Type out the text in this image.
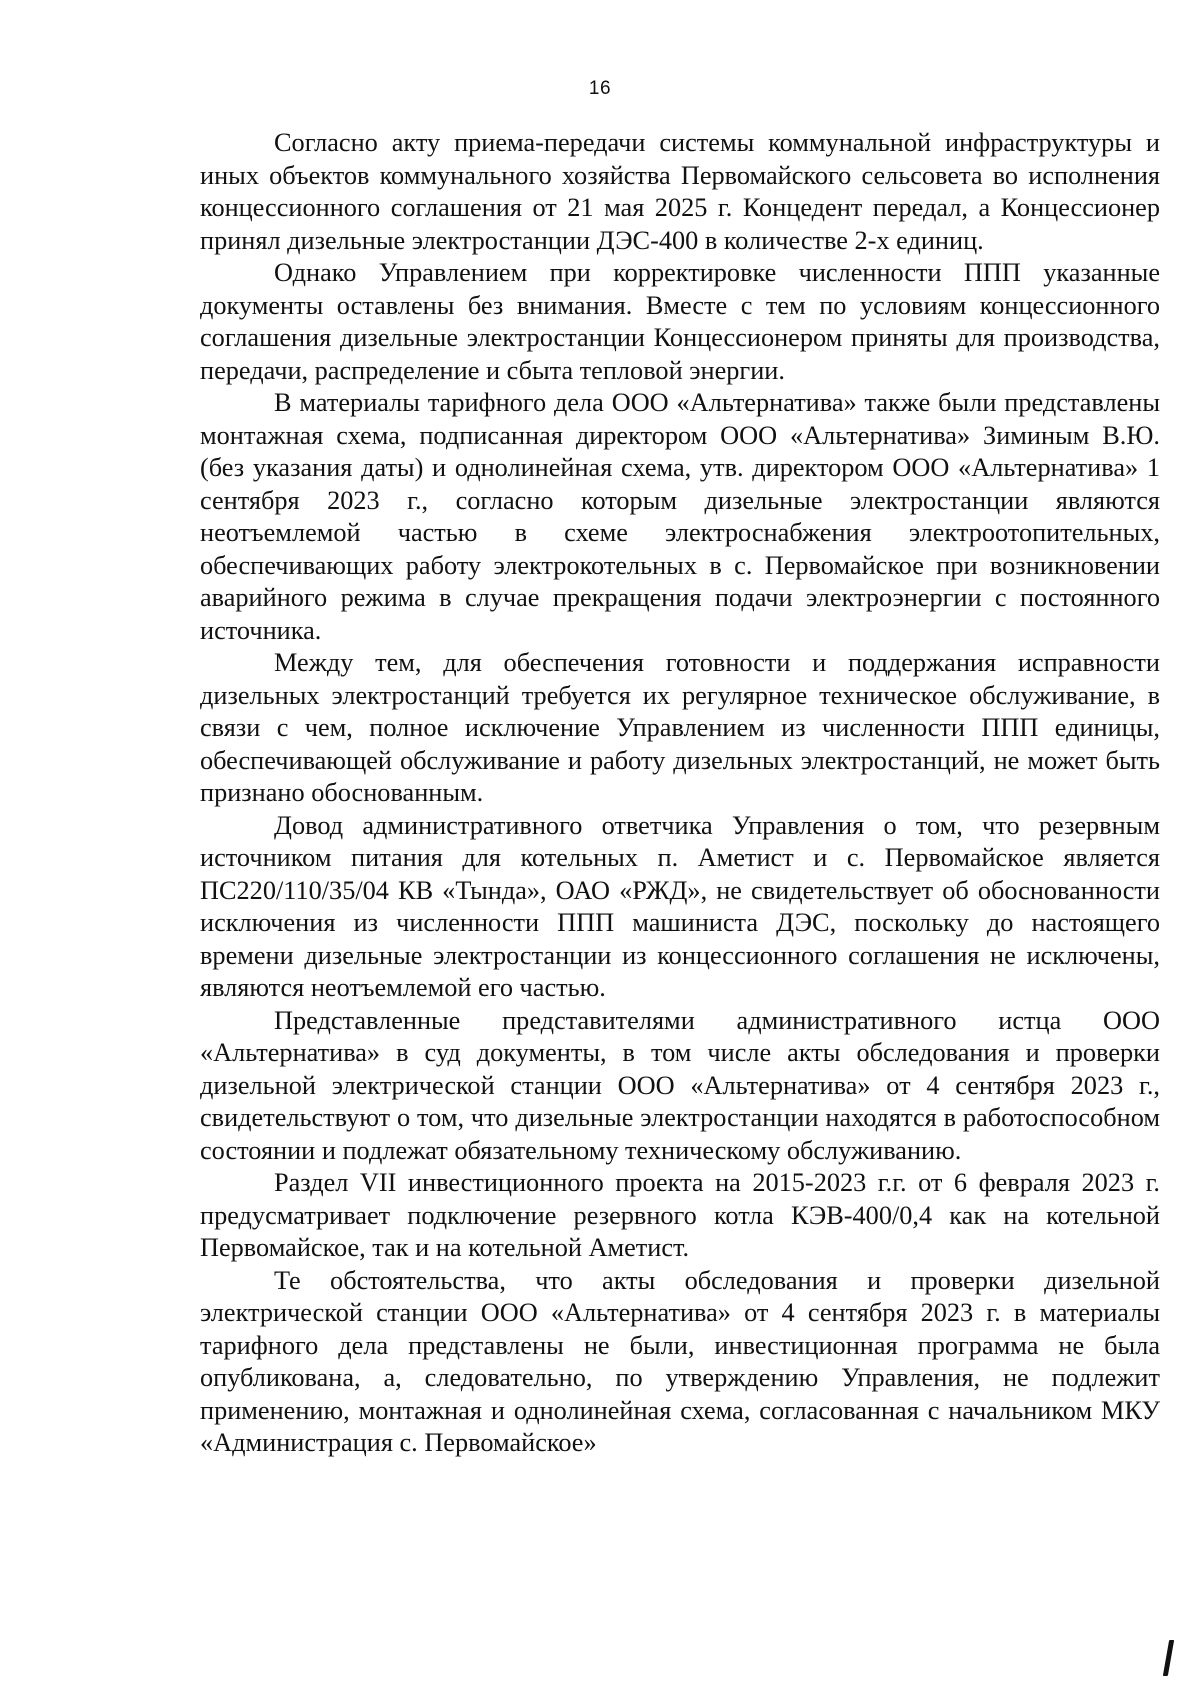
16

Согласно акту приема-передачи системы коммунальной инфраструктуры и иных объектов коммунального хозяйства Первомайского сельсовета во исполнения концессионного соглашения от 21 мая 2025 г. Концедент передал, а Концессионер принял дизельные электростанции ДЭС-400 в количестве 2-х единиц.

Однако Управлением при корректировке численности ППП указанные документы оставлены без внимания. Вместе с тем по условиям концессионного соглашения дизельные электростанции Концессионером приняты для производства, передачи, распределение и сбыта тепловой энергии.

В материалы тарифного дела ООО «Альтернатива» также были представлены монтажная схема, подписанная директором ООО «Альтернатива» Зиминым В.Ю. (без указания даты) и однолинейная схема, утв. директором ООО «Альтернатива» 1 сентября 2023 г., согласно которым дизельные электростанции являются неотъемлемой частью в схеме электроснабжения электроотопительных, обеспечивающих работу электрокотельных в с. Первомайское при возникновении аварийного режима в случае прекращения подачи электроэнергии с постоянного источника.

Между тем, для обеспечения готовности и поддержания исправности дизельных электростанций требуется их регулярное техническое обслуживание, в связи с чем, полное исключение Управлением из численности ППП единицы, обеспечивающей обслуживание и работу дизельных электростанций, не может быть признано обоснованным.

Довод административного ответчика Управления о том, что резервным источником питания для котельных п. Аметист и с. Первомайское является ПС220/110/35/04 КВ «Тында», ОАО «РЖД», не свидетельствует об обоснованности исключения из численности ППП машиниста ДЭС, поскольку до настоящего времени дизельные электростанции из концессионного соглашения не исключены, являются неотъемлемой его частью.

Представленные представителями административного истца ООО «Альтернатива» в суд документы, в том числе акты обследования и проверки дизельной электрической станции ООО «Альтернатива» от 4 сентября 2023 г., свидетельствуют о том, что дизельные электростанции находятся в работоспособном состоянии и подлежат обязательному техническому обслуживанию.

Раздел VII инвестиционного проекта на 2015-2023 г.г. от 6 февраля 2023 г. предусматривает подключение резервного котла КЭВ-400/0,4 как на котельной Первомайское, так и на котельной Аметист.

Те обстоятельства, что акты обследования и проверки дизельной электрической станции ООО «Альтернатива» от 4 сентября 2023 г. в материалы тарифного дела представлены не были, инвестиционная программа не была опубликована, а, следовательно, по утверждению Управления, не подлежит применению, монтажная и однолинейная схема, согласованная с начальником МКУ «Администрация с. Первомайское»
